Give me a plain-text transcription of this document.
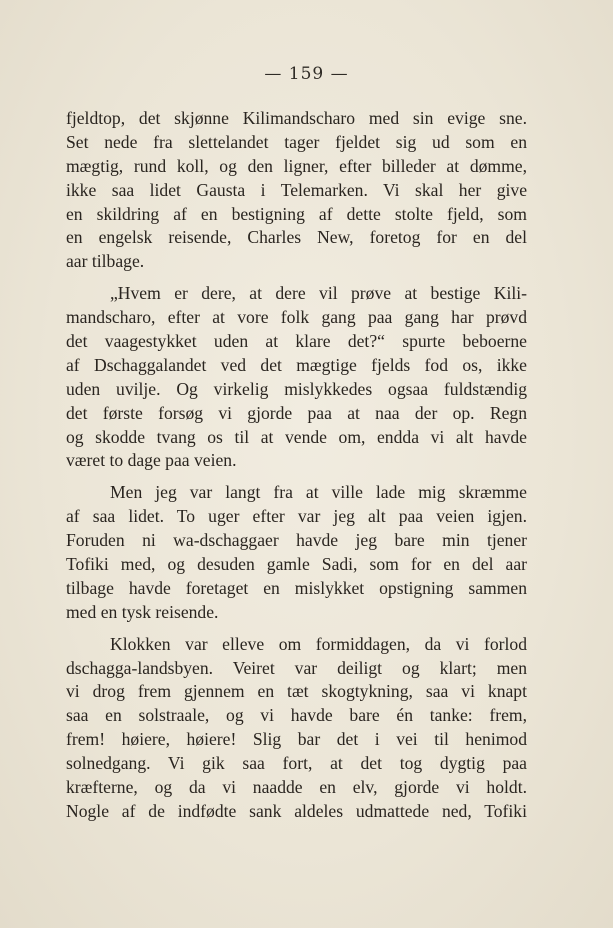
— 159 —
fjeldtop, det skjønne Kilimandscharo med sin evige sne.
Set nede fra slettelandet tager fjeldet sig ud som en
mægtig, rund koll, og den ligner, efter billeder at dømme,
ikke saa lidet Gausta i Telemarken. Vi skal her give
en skildring af en bestigning af dette stolte fjeld, som
en engelsk reisende, Charles New, foretog for en del
aar tilbage.
„Hvem er dere, at dere vil prøve at bestige Kili-
mandscharo, efter at vore folk gang paa gang har prøvd
det vaagestykket uden at klare det?“ spurte beboerne
af Dschaggalandet ved det mægtige fjelds fod os, ikke
uden uvilje. Og virkelig mislykkedes ogsaa fuldstændig
det første forsøg vi gjorde paa at naa der op. Regn
og skodde tvang os til at vende om, endda vi alt havde
været to dage paa veien.
Men jeg var langt fra at ville lade mig skræmme
af saa lidet. To uger efter var jeg alt paa veien igjen.
Foruden ni wa-dschaggaer havde jeg bare min tjener
Tofiki med, og desuden gamle Sadi, som for en del aar
tilbage havde foretaget en mislykket opstigning sammen
med en tysk reisende.
Klokken var elleve om formiddagen, da vi forlod
dschagga-landsbyen. Veiret var deiligt og klart; men
vi drog frem gjennem en tæt skogtykning, saa vi knapt
saa en solstraale, og vi havde bare én tanke: frem,
frem! høiere, høiere! Slig bar det i vei til henimod
solnedgang. Vi gik saa fort, at det tog dygtig paa
kræfterne, og da vi naadde en elv, gjorde vi holdt.
Nogle af de indfødte sank aldeles udmattede ned, Tofiki
